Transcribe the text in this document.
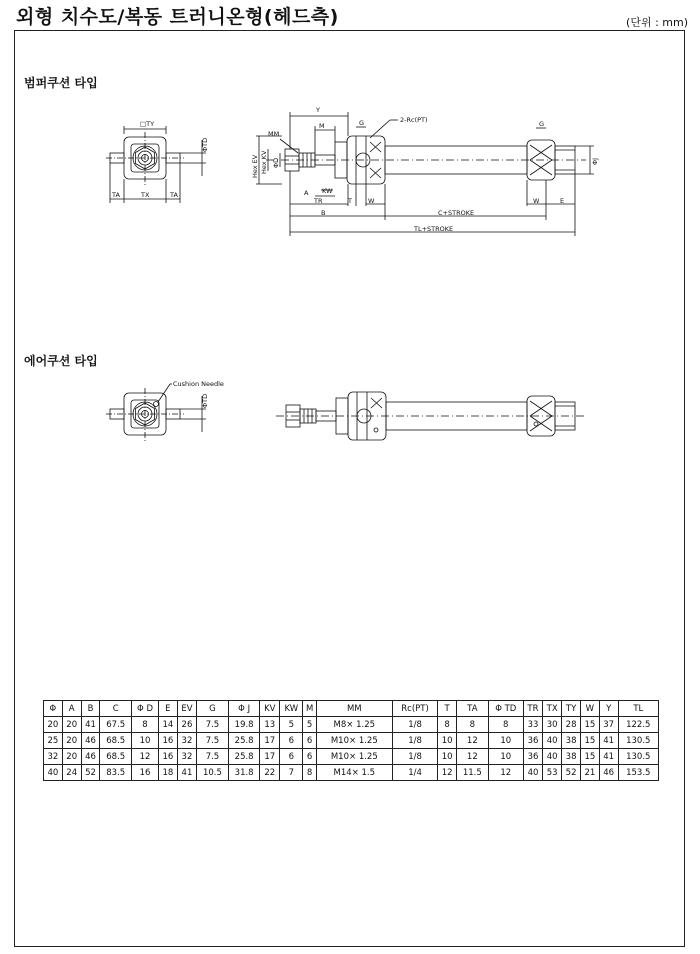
외형 치수도/복동 트러니온형(헤드측)	(단위 : mm)
범퍼쿠션 타입
에어쿠션 타입
□TY
TA	TX	TA
ΦTD
Y
M
MM
2-Rc(PT)
G	G
Hex EV Hex KV ΦD	ΦJ
A KW
TR	T W	W	E
B	C+STROKE
TL+STROKE
Cushion Needle
ΦTD
Φ	A	B	C	Φ D	E	EV	G	Φ J	KV	KW	M	MM	Rc(PT)	T	TA	Φ TD	TR	TX	TY	W	Y	TL
20	20	41	67.5	8	14	26	7.5	19.8	13	5	5	M8× 1.25	1/8	8	8	8	33	30	28	15	37	122.5
25	20	46	68.5	10	16	32	7.5	25.8	17	6	6	M10× 1.25	1/8	10	12	10	36	40	38	15	41	130.5
32	20	46	68.5	12	16	32	7.5	25.8	17	6	6	M10× 1.25	1/8	10	12	10	36	40	38	15	41	130.5
40	24	52	83.5	16	18	41	10.5	31.8	22	7	8	M14× 1.5	1/4	12	11.5	12	40	53	52	21	46	153.5
